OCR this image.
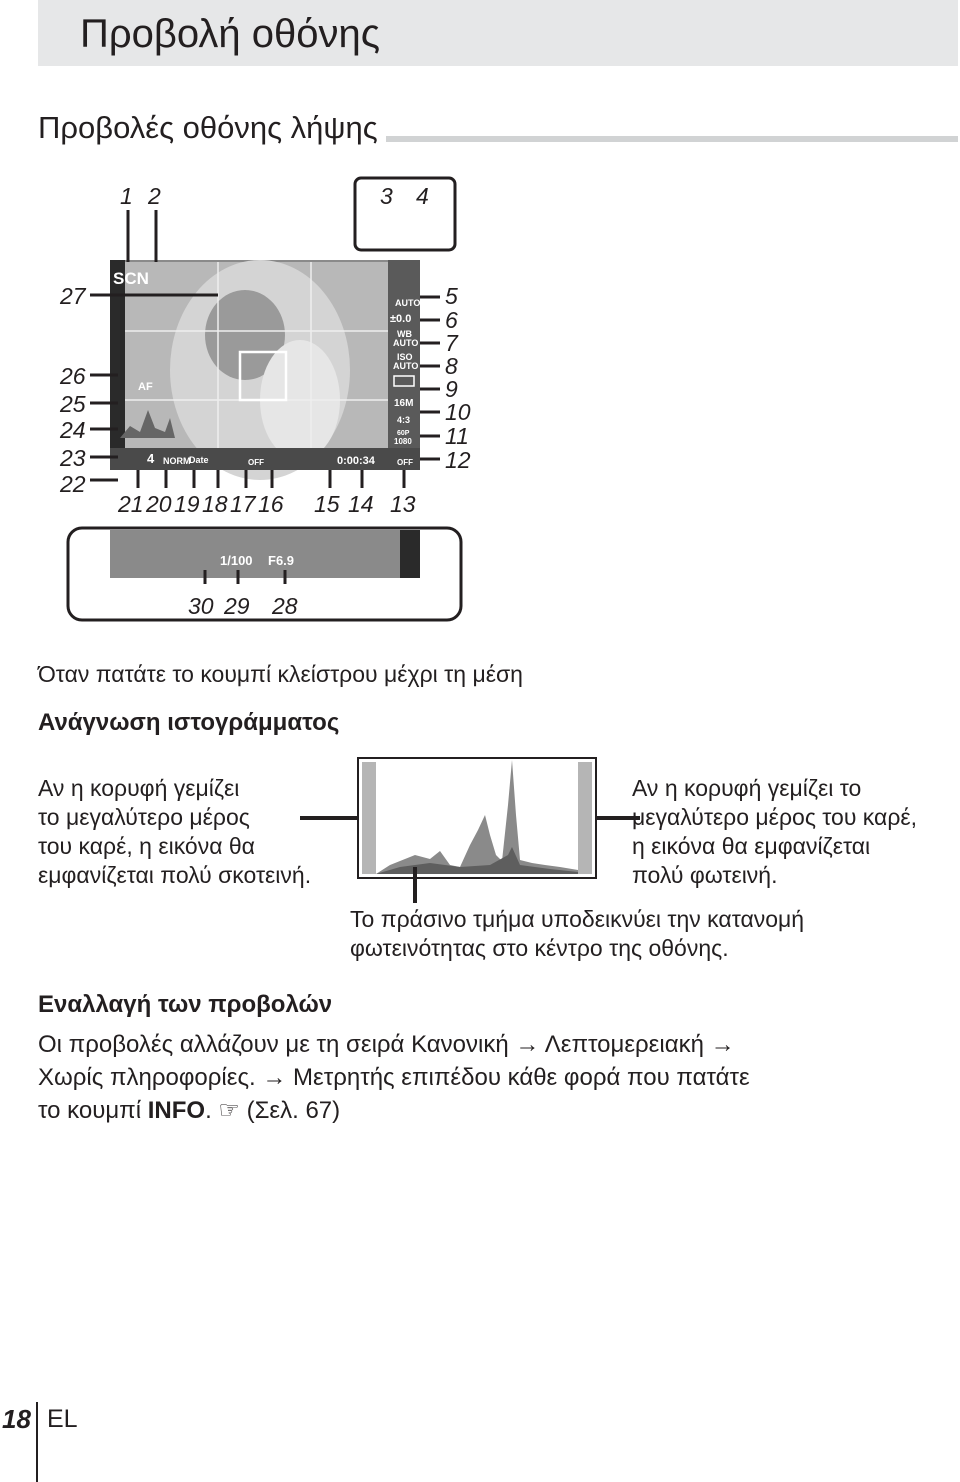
Προβολή οθόνης
Προβολές οθόνης λήψης
SCN
AUTO
±0.0
WB
AUTO
ISO
AUTO
16M
4:3
60P
1080
4 NORM
Date	OFF	0:00:34	OFF
AF
1 2	3 4
27
26
25
24
23
22
5
6
7
8
9
10
11
12
21 20 19 18 17 16 15 14 13
1/100 F6.9
30 29 28
Όταν πατάτε το κουμπί κλείστρου μέχρι τη μέση
Ανάγνωση ιστογράμματος
Αν η κορυφή γεμίζει
το μεγαλύτερο μέρος
του καρέ, η εικόνα θα
εμφανίζεται πολύ σκοτεινή.
Αν η κορυφή γεμίζει το
μεγαλύτερο μέρος του καρέ,
η εικόνα θα εμφανίζεται
πολύ φωτεινή.
Το πράσινο τμήμα υποδεικνύει την κατανομή
φωτεινότητας στο κέντρο της οθόνης.
Εναλλαγή των προβολών
Οι προβολές αλλάζουν με τη σειρά Κανονική → Λεπτομερειακή →
Χωρίς πληροφορίες. → Μετρητής επιπέδου κάθε φορά που πατάτε
το κουμπί INFO. ☞ (Σελ. 67)
18 EL
